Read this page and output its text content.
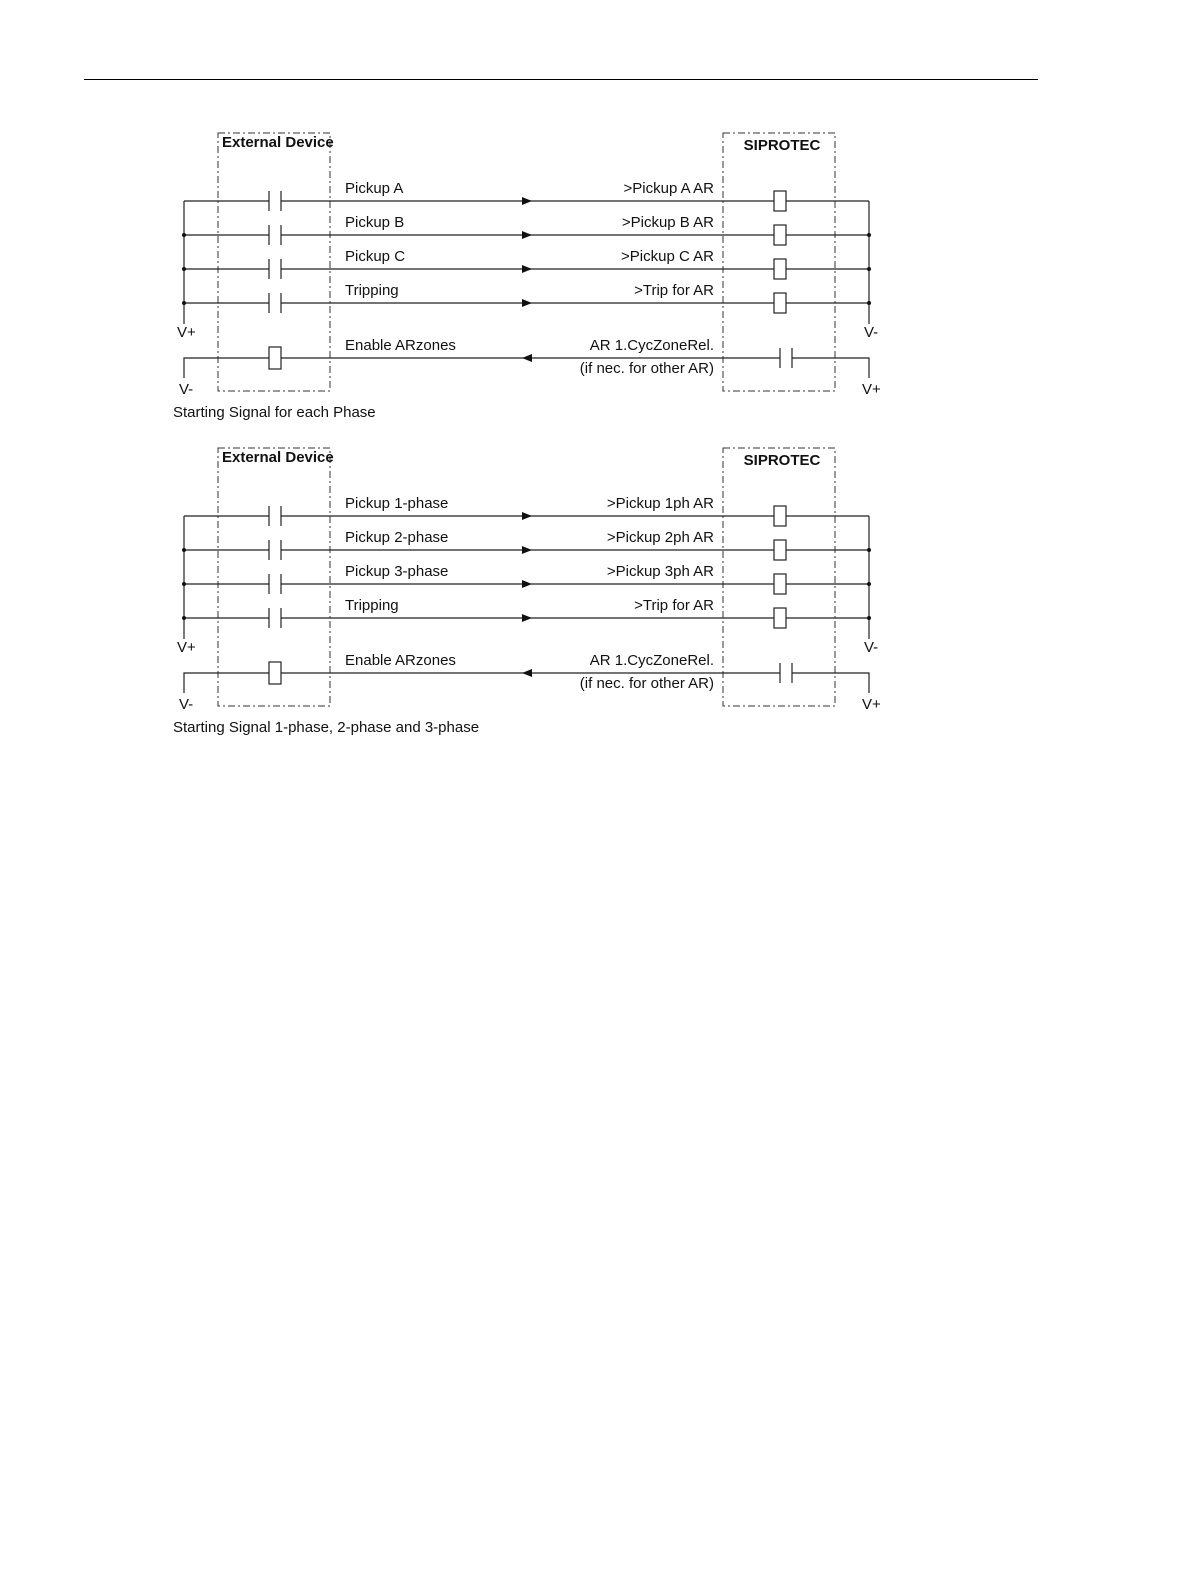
External Device	SIPROTEC
Pickup A	>Pickup A AR
Pickup B	>Pickup B AR
Pickup C	>Pickup C AR
Tripping	>Trip for AR
Enable ARzones	AR 1.CycZoneRel.
(if nec. for other AR)
V+
V-
V-
V+
Starting Signal for each Phase
External Device	SIPROTEC
Pickup 1-phase	>Pickup 1ph AR
Pickup 2-phase	>Pickup 2ph AR
Pickup 3-phase	>Pickup 3ph AR
Tripping	>Trip for AR
Enable ARzones	AR 1.CycZoneRel.
(if nec. for other AR)
V+
V-
V-
V+
Starting Signal 1-phase, 2-phase and 3-phase
